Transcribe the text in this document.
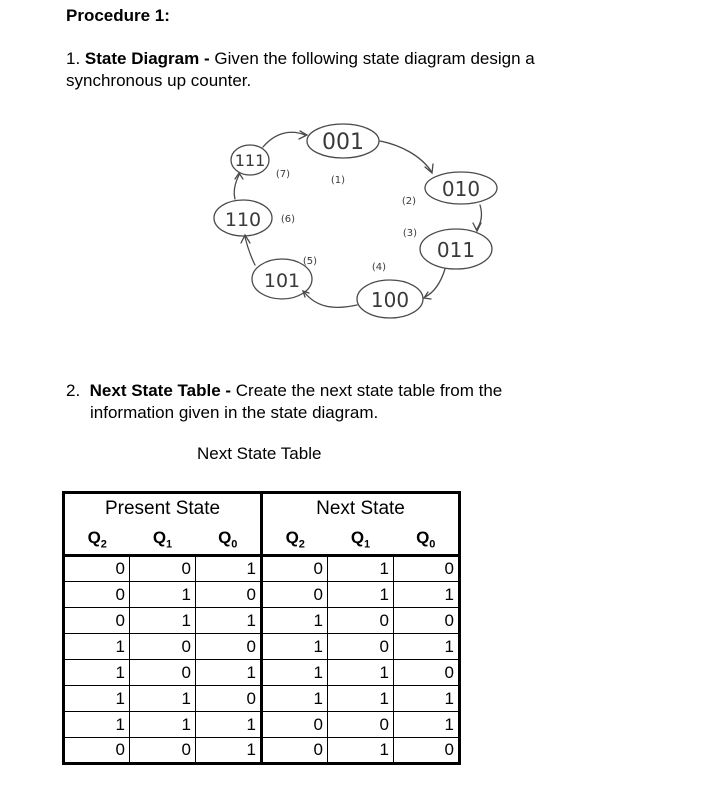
Procedure 1:
1. State Diagram - Given the following state diagram design a
synchronous up counter.
111
(7)
001
(1)	010
(2)
011
(3)
100
(4)
101
(5)
110 (6)
2. Next State Table - Create the next state table from the
information given in the state diagram.
Next State Table
Present State			Next State		
$Q_2$	$Q_1$	$Q_0$	$Q_2$	$Q_1$	$Q_0$
0	0	1	0	1	0
0	1	0	0	1	1
0	1	1	1	0	0
1	0	0	1	0	1
1	0	1	1	1	0
1	1	0	1	1	1
1	1	1	0	0	1
0	0	1	0	1	0
